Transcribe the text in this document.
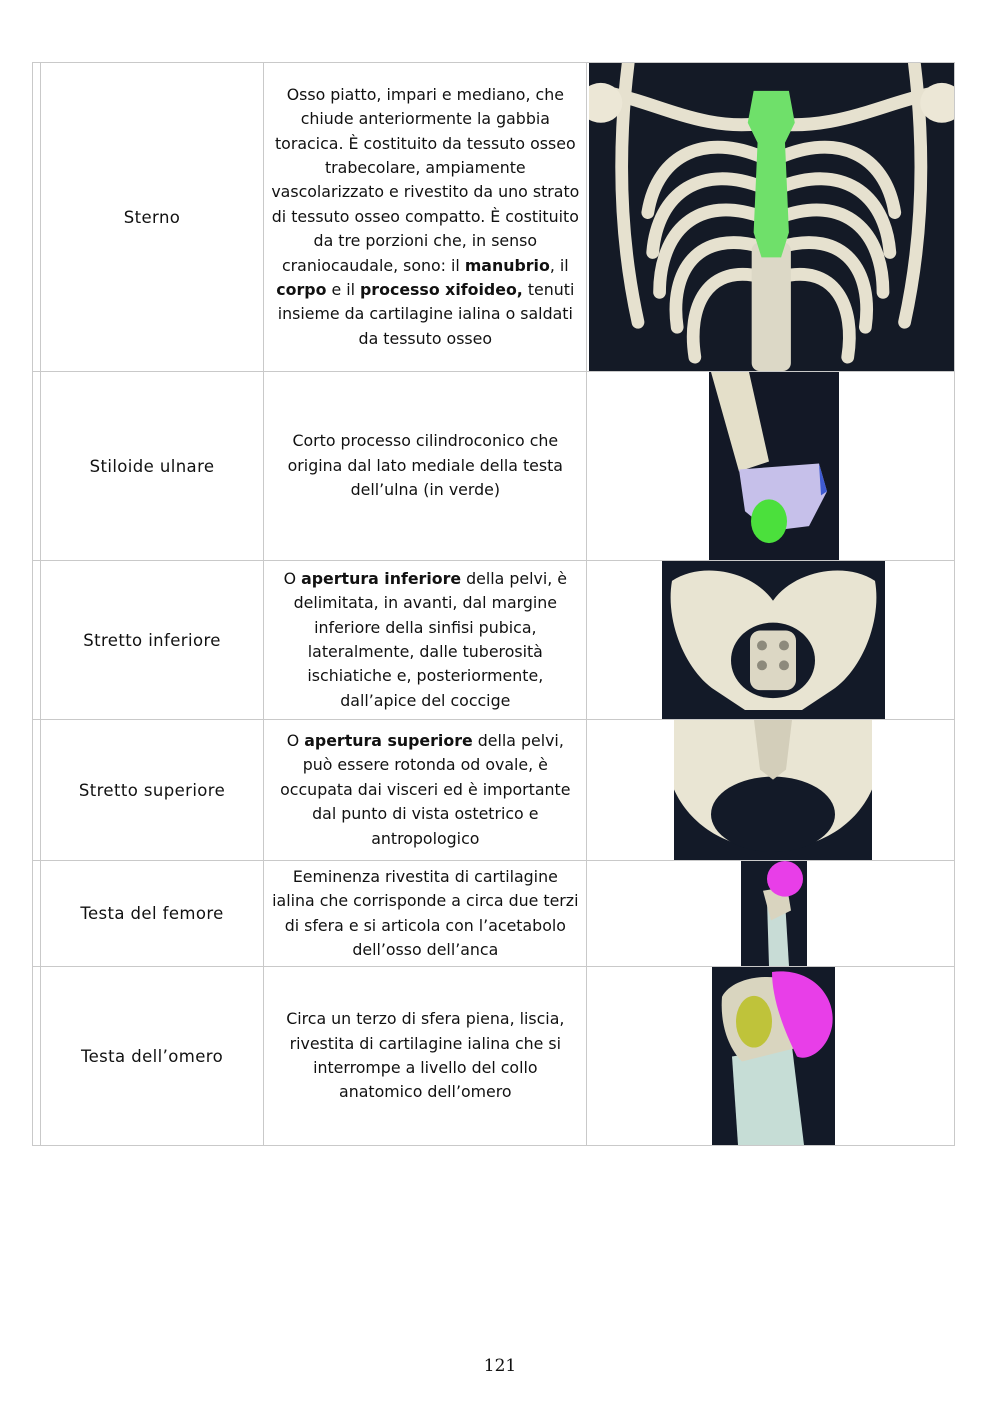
	Sterno	Osso piatto, impari e mediano, che chiude anteriormente la gabbia toracica. È costituito da tessuto osseo trabecolare, ampiamente vascolarizzato e rivestito da uno strato di tessuto osseo compatto. È costituito da tre porzioni che, in senso craniocaudale, sono: il manubrio, il corpo e il processo xifoideo, tenuti insieme da cartilagine ialina o saldati da tessuto osseo	

	Stiloide ulnare	Corto processo cilindroconico che origina dal lato mediale della testa dell’ulna (in verde)	

	Stretto inferiore	O apertura inferiore della pelvi, è delimitata, in avanti, dal margine inferiore della sinfisi pubica, lateralmente, dalle tuberosità ischiatiche e, posteriormente, dall’apice del coccige	

	Stretto superiore	O apertura superiore della pelvi, può essere rotonda od ovale, è occupata dai visceri ed è importante dal punto di vista ostetrico e antropologico	

	Testa del femore	Eeminenza rivestita di cartilagine ialina che corrisponde a circa due terzi di sfera e si articola con l’acetabolo dell’osso dell’anca	

	Testa dell’omero	Circa un terzo di sfera piena, liscia, rivestita di cartilagine ialina che si interrompe a livello del collo anatomico dell’omero	
121
